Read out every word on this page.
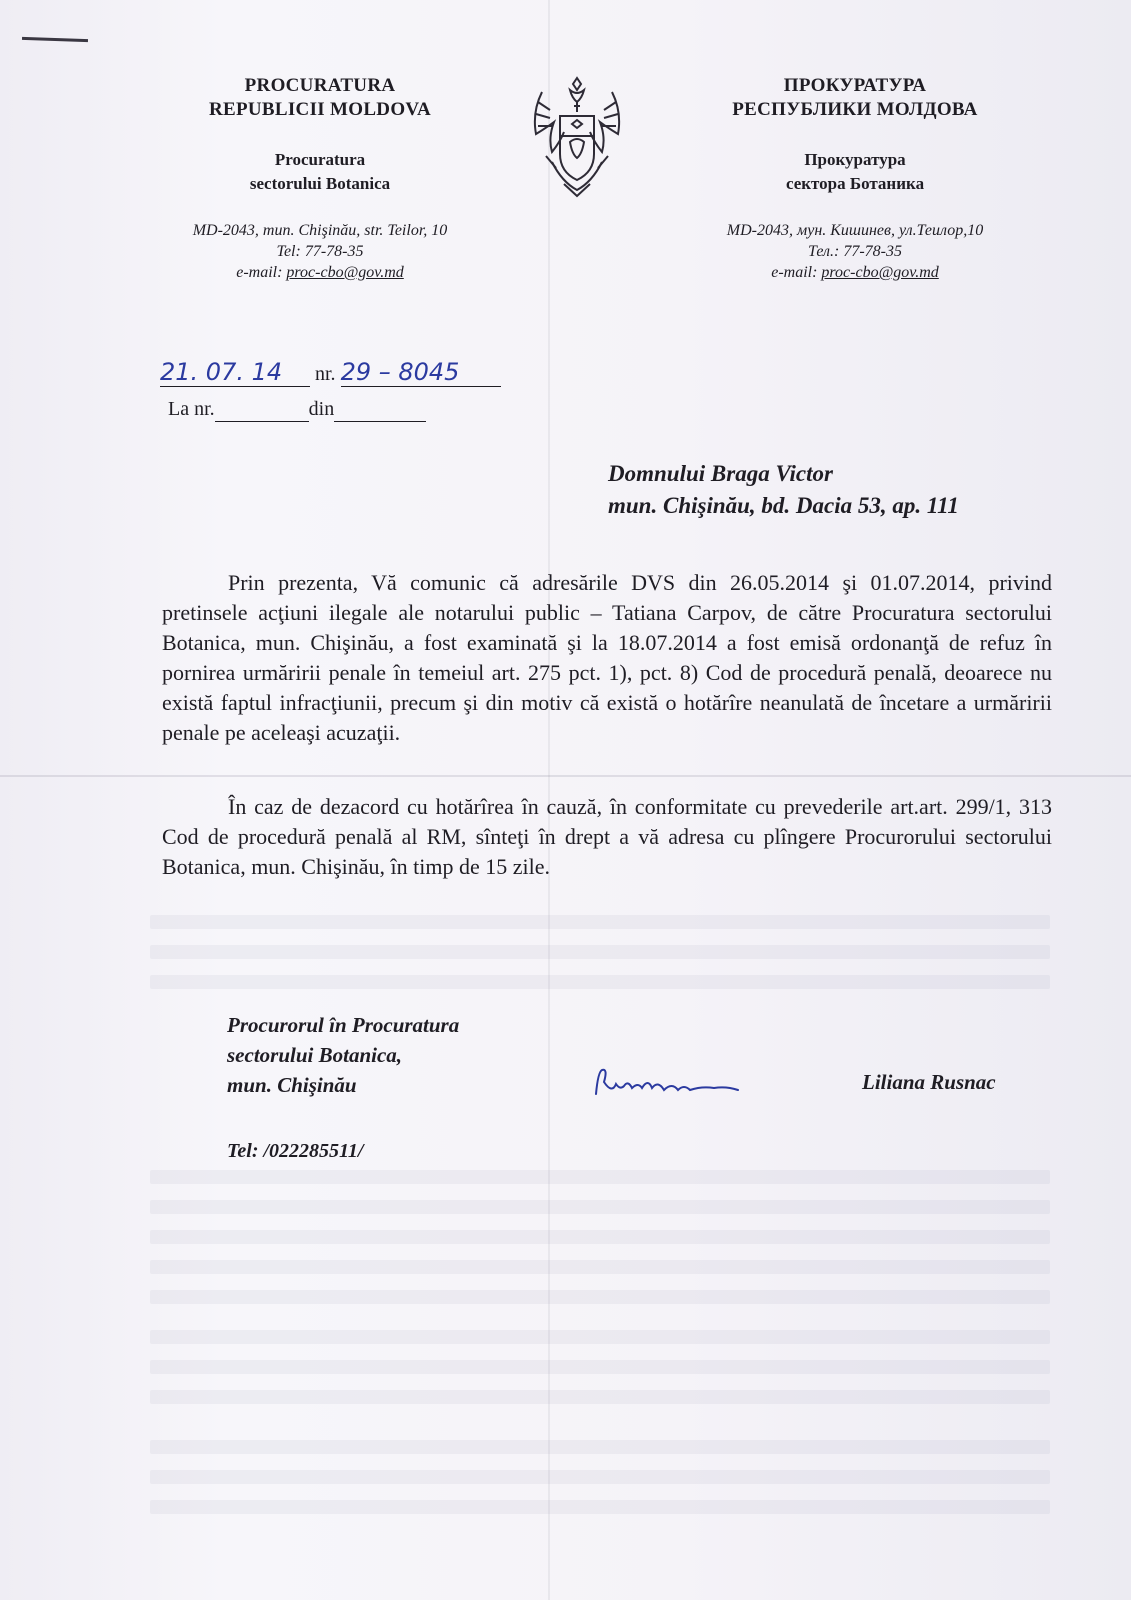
PROCURATURA
REPUBLICII MOLDOVA
Procuratura
sectorului Botanica
MD-2043, mun. Chişinău, str. Teilor, 10
Tel: 77-78-35
e-mail: proc-cbo@gov.md
ПРОКУРАТУРА
РЕСПУБЛИКИ МОЛДОВА
Прокуратура
сектора Ботаника
MD-2043, мун. Кишинев, ул.Теилор,10
Тел.: 77-78-35
e-mail: proc-cbo@gov.md
21. 07. 14 nr. 29 – 8045
La nr.	din
Domnului Braga Victor
mun. Chişinău, bd. Dacia 53, ap. 111
Prin prezenta, Vă comunic că adresările DVS din 26.05.2014 şi 01.07.2014, privind pretinsele acţiuni ilegale ale notarului public – Tatiana Carpov, de către Procuratura sectorului Botanica, mun. Chişinău, a fost examinată şi la 18.07.2014 a fost emisă ordonanţă de refuz în pornirea urmăririi penale în temeiul art. 275 pct. 1), pct. 8) Cod de procedură penală, deoarece nu există faptul infracţiunii, precum şi din motiv că există o hotărîre neanulată de încetare a urmăririi penale pe aceleaşi acuzaţii.
În caz de dezacord cu hotărîrea în cauză, în conformitate cu prevederile art.art. 299/1, 313 Cod de procedură penală al RM, sînteţi în drept a vă adresa cu plîngere Procurorului sectorului Botanica, mun. Chişinău, în timp de 15 zile.
Procurorul în Procuratura
sectorului Botanica,
mun. Chişinău	Liliana Rusnac
Tel: /022285511/
